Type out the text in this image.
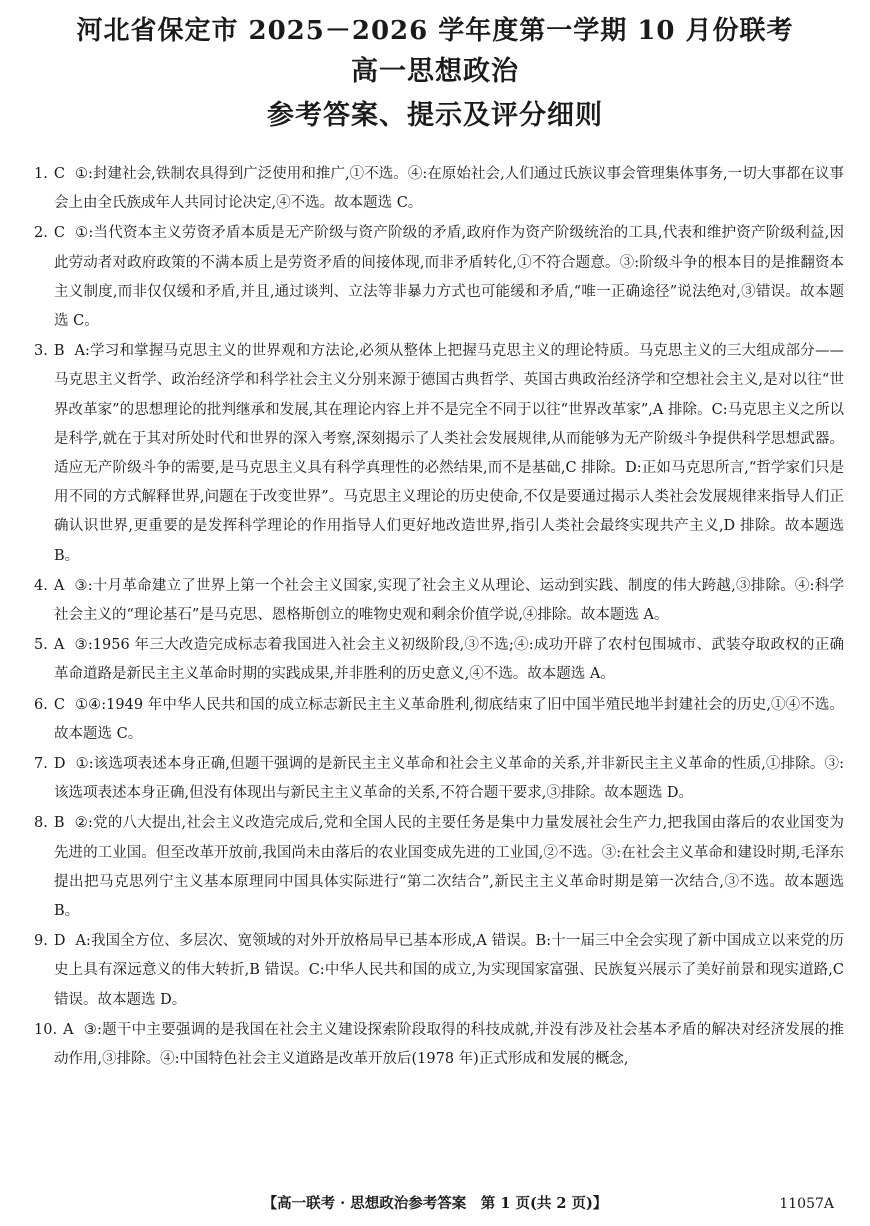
河北省保定市 2025－2026 学年度第一学期 10 月份联考
高一思想政治
参考答案、提示及评分细则

1. C ①:封建社会,铁制农具得到广泛使用和推广,①不选。④:在原始社会,人们通过氏族议事会管理集体事务,一切大事都在议事会上由全氏族成年人共同讨论决定,④不选。故本题选 C。

2. C ①:当代资本主义劳资矛盾本质是无产阶级与资产阶级的矛盾,政府作为资产阶级统治的工具,代表和维护资产阶级利益,因此劳动者对政府政策的不满本质上是劳资矛盾的间接体现,而非矛盾转化,①不符合题意。③:阶级斗争的根本目的是推翻资本主义制度,而非仅仅缓和矛盾,并且,通过谈判、立法等非暴力方式也可能缓和矛盾,“唯一正确途径”说法绝对,③错误。故本题选 C。

3. B A:学习和掌握马克思主义的世界观和方法论,必须从整体上把握马克思主义的理论特质。马克思主义的三大组成部分——马克思主义哲学、政治经济学和科学社会主义分别来源于德国古典哲学、英国古典政治经济学和空想社会主义,是对以往“世界改革家”的思想理论的批判继承和发展,其在理论内容上并不是完全不同于以往“世界改革家”,A 排除。C:马克思主义之所以是科学,就在于其对所处时代和世界的深入考察,深刻揭示了人类社会发展规律,从而能够为无产阶级斗争提供科学思想武器。适应无产阶级斗争的需要,是马克思主义具有科学真理性的必然结果,而不是基础,C 排除。D:正如马克思所言,“哲学家们只是用不同的方式解释世界,问题在于改变世界”。马克思主义理论的历史使命,不仅是要通过揭示人类社会发展规律来指导人们正确认识世界,更重要的是发挥科学理论的作用指导人们更好地改造世界,指引人类社会最终实现共产主义,D 排除。故本题选 B。

4. A ③:十月革命建立了世界上第一个社会主义国家,实现了社会主义从理论、运动到实践、制度的伟大跨越,③排除。④:科学社会主义的“理论基石”是马克思、恩格斯创立的唯物史观和剩余价值学说,④排除。故本题选 A。

5. A ③:1956 年三大改造完成标志着我国进入社会主义初级阶段,③不选;④:成功开辟了农村包围城市、武装夺取政权的正确革命道路是新民主主义革命时期的实践成果,并非胜利的历史意义,④不选。故本题选 A。

6. C ①④:1949 年中华人民共和国的成立标志新民主主义革命胜利,彻底结束了旧中国半殖民地半封建社会的历史,①④不选。故本题选 C。

7. D ①:该选项表述本身正确,但题干强调的是新民主主义革命和社会主义革命的关系,并非新民主主义革命的性质,①排除。③:该选项表述本身正确,但没有体现出与新民主主义革命的关系,不符合题干要求,③排除。故本题选 D。

8. B ②:党的八大提出,社会主义改造完成后,党和全国人民的主要任务是集中力量发展社会生产力,把我国由落后的农业国变为先进的工业国。但至改革开放前,我国尚未由落后的农业国变成先进的工业国,②不选。③:在社会主义革命和建设时期,毛泽东提出把马克思列宁主义基本原理同中国具体实际进行“第二次结合”,新民主主义革命时期是第一次结合,③不选。故本题选 B。

9. D A:我国全方位、多层次、宽领域的对外开放格局早已基本形成,A 错误。B:十一届三中全会实现了新中国成立以来党的历史上具有深远意义的伟大转折,B 错误。C:中华人民共和国的成立,为实现国家富强、民族复兴展示了美好前景和现实道路,C 错误。故本题选 D。

10. A ③:题干中主要强调的是我国在社会主义建设探索阶段取得的科技成就,并没有涉及社会基本矛盾的解决对经济发展的推动作用,③排除。④:中国特色社会主义道路是改革开放后(1978 年)正式形成和发展的概念,

【高一联考 · 思想政治参考答案　第 1 页(共 2 页)】	11057A
